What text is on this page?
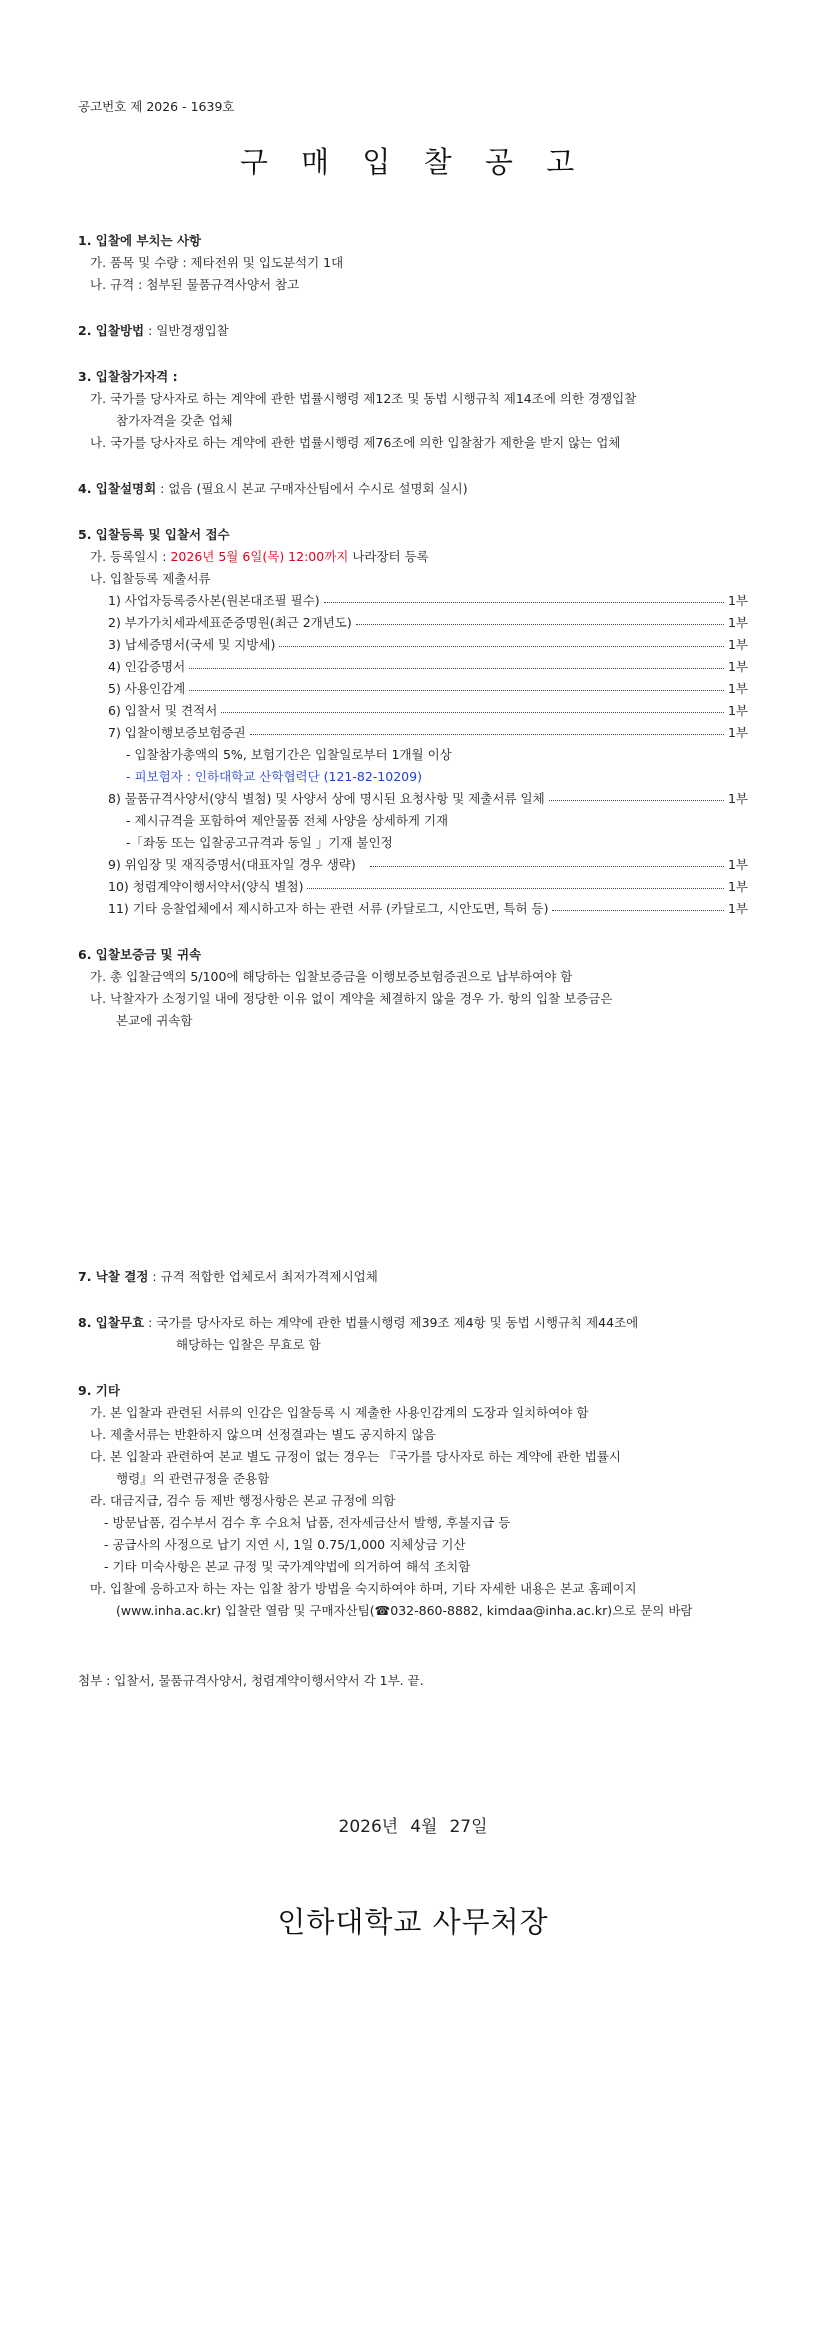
공고번호 제 2026 - 1639호
구 매 입 찰 공 고
1. 입찰에 부치는 사항
가. 품목 및 수량 : 제타전위 및 입도분석기 1대
나. 규격 : 첨부된 물품규격사양서 참고
2. 입찰방법 : 일반경쟁입찰
3. 입찰참가자격 :
가. 국가를 당사자로 하는 계약에 관한 법률시행령 제12조 및 동법 시행규칙 제14조에 의한 경쟁입찰
참가자격을 갖춘 업체
나. 국가를 당사자로 하는 계약에 관한 법률시행령 제76조에 의한 입찰참가 제한을 받지 않는 업체
4. 입찰설명회 : 없음 (필요시 본교 구매자산팀에서 수시로 설명회 실시)
5. 입찰등록 및 입찰서 접수
가. 등록일시 : 2026년 5월 6일(목) 12:00까지 나라장터 등록
나. 입찰등록 제출서류
1) 사업자등록증사본(원본대조필 필수)	1부
2) 부가가치세과세표준증명원(최근 2개년도)	1부
3) 납세증명서(국세 및 지방세)	1부
4) 인감증명서	1부
5) 사용인감계	1부
6) 입찰서 및 견적서	1부
7) 입찰이행보증보험증권	1부
- 입찰참가총액의 5%, 보험기간은 입찰일로부터 1개월 이상
- 피보험자 : 인하대학교 산학협력단 (121-82-10209)
8) 물품규격사양서(양식 별첨) 및 사양서 상에 명시된 요청사항 및 제출서류 일체	1부
- 제시규격을 포함하여 제안물품 전체 사양을 상세하게 기재
-「좌동 또는 입찰공고규격과 동일 」기재 불인정
9) 위임장 및 재직증명서(대표자일 경우 생략)	1부
10) 청렴계약이행서약서(양식 별첨)	1부
11) 기타 응찰업체에서 제시하고자 하는 관련 서류 (카달로그, 시안도면, 특허 등)	1부
6. 입찰보증금 및 귀속
가. 총 입찰금액의 5/100에 해당하는 입찰보증금을 이행보증보험증권으로 납부하여야 함
나. 낙찰자가 소정기일 내에 정당한 이유 없이 계약을 체결하지 않을 경우 가. 항의 입찰 보증금은
본교에 귀속함
7. 낙찰 결정 : 규격 적합한 업체로서 최저가격제시업체
8. 입찰무효 : 국가를 당사자로 하는 계약에 관한 법률시행령 제39조 제4항 및 동법 시행규칙 제44조에
해당하는 입찰은 무효로 함
9. 기타
가. 본 입찰과 관련된 서류의 인감은 입찰등록 시 제출한 사용인감계의 도장과 일치하여야 함
나. 제출서류는 반환하지 않으며 선정결과는 별도 공지하지 않음
다. 본 입찰과 관련하여 본교 별도 규정이 없는 경우는 『국가를 당사자로 하는 계약에 관한 법률시
행령』의 관련규정을 준용함
라. 대금지급, 검수 등 제반 행정사항은 본교 규정에 의함
- 방문납품, 검수부서 검수 후 수요처 납품, 전자세금산서 발행, 후불지급 등
- 공급사의 사정으로 납기 지연 시, 1일 0.75/1,000 지체상금 기산
- 기타 미숙사항은 본교 규정 및 국가계약법에 의거하여 해석 조치함
마. 입찰에 응하고자 하는 자는 입찰 참가 방법을 숙지하여야 하며, 기타 자세한 내용은 본교 홈페이지
(www.inha.ac.kr) 입찰란 열람 및 구매자산팀(☎032-860-8882, kimdaa@inha.ac.kr)으로 문의 바람
첨부 : 입찰서, 물품규격사양서, 청렴계약이행서약서 각 1부. 끝.
2026년 4월 27일
인하대학교 사무처장
